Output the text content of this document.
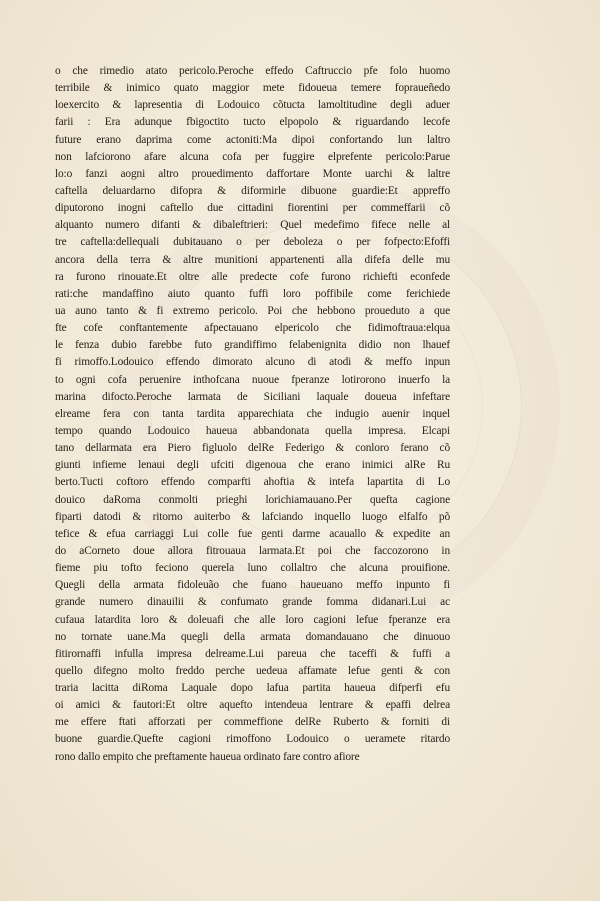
o che rimedio atato pericolo.Peroche effedo Caftruccio pfe folo huomo
terribile & inimico quato maggior mete fidoueua temere fopraueñedo
loexercito & lapresentia di Lodouico cõtucta lamoltitudine degli aduer
farii : Era adunque fbigoctito tucto elpopolo & riguardando lecofe
future erano daprima come actoniti:Ma dipoi confortando lun laltro
non lafciorono afare alcuna cofa per fuggire elprefente pericolo:Parue
lo:o fanzi aogni altro prouedimento daffortare Monte uarchi & laltre
caftella deluardarno difopra & diformirle dibuone guardie:Et appreffo
diputorono inogni caftello due cittadini fiorentini per commeffarii cõ
alquanto numero difanti & dibaleftrieri: Quel medefimo fifece nelle al
tre caftella:dellequali dubitauano o per deboleza o per fofpecto:Efoffi
ancora della terra & altre munitioni appartenenti alla difefa delle mu
ra furono rinouate.Et oltre alle predecte cofe furono richiefti econfede
rati:che mandaffino aiuto quanto fuffi loro poffibile come ferichiede
ua auno tanto & fi extremo pericolo. Poi che hebbono proueduto a que
fte cofe conftantemente afpectauano elpericolo che fidimoftraua:elqua
le fenza dubio farebbe futo grandiffimo felabenignita didio non lhauef
fi rimoffo.Lodouico effendo dimorato alcuno di atodi & meffo inpun
to ogni cofa peruenire inthofcana nuoue fperanze lotirorono inuerfo la
marina difocto.Peroche larmata de Siciliani laquale doueua infeftare
elreame fera con tanta tardita apparechiata che indugio auenir inquel
tempo quando Lodouico haueua abbandonata quella impresa. Elcapi
tano dellarmata era Piero figluolo delRe Federigo & conloro ferano cõ
giunti infieme lenaui degli ufciti digenoua che erano inimici alRe Ru
berto.Tucti coftoro effendo comparfti ahoftia & intefa lapartita di Lo
douico daRoma conmolti prieghi lorichiamauano.Per quefta cagione
fiparti datodi & ritorno auiterbo & lafciando inquello luogo elfalfo põ
tefice & efua carriaggi Lui colle fue genti darme acauallo & expedite an
do aCorneto doue allora fitrouaua larmata.Et poi che faccozorono in
fieme piu tofto feciono querela luno collaltro che alcuna prouifione.
Quegli della armata fidoleuão che fuano haueuano meffo inpunto fi
grande numero dinauilii & confumato grande fomma didanari.Lui ac
cufaua latardita loro & doleuafi che alle loro cagioni lefue fperanze era
no tornate uane.Ma quegli della armata domandauano che dinuouo
fitirornaffi infulla impresa delreame.Lui pareua che taceffi & fuffi a
quello difegno molto freddo perche uedeua affamate lefue genti & con
traria lacitta diRoma Laquale dopo lafua partita haueua difperfi efu
oi amici & fautori:Et oltre aquefto intendeua lentrare & epaffi delrea
me effere ftati afforzati per commeffione delRe Ruberto & forniti di
buone guardie.Quefte cagioni rimoffono Lodouico o ueramete ritardo
rono dallo empito che preftamente haueua ordinato fare contro afiore
